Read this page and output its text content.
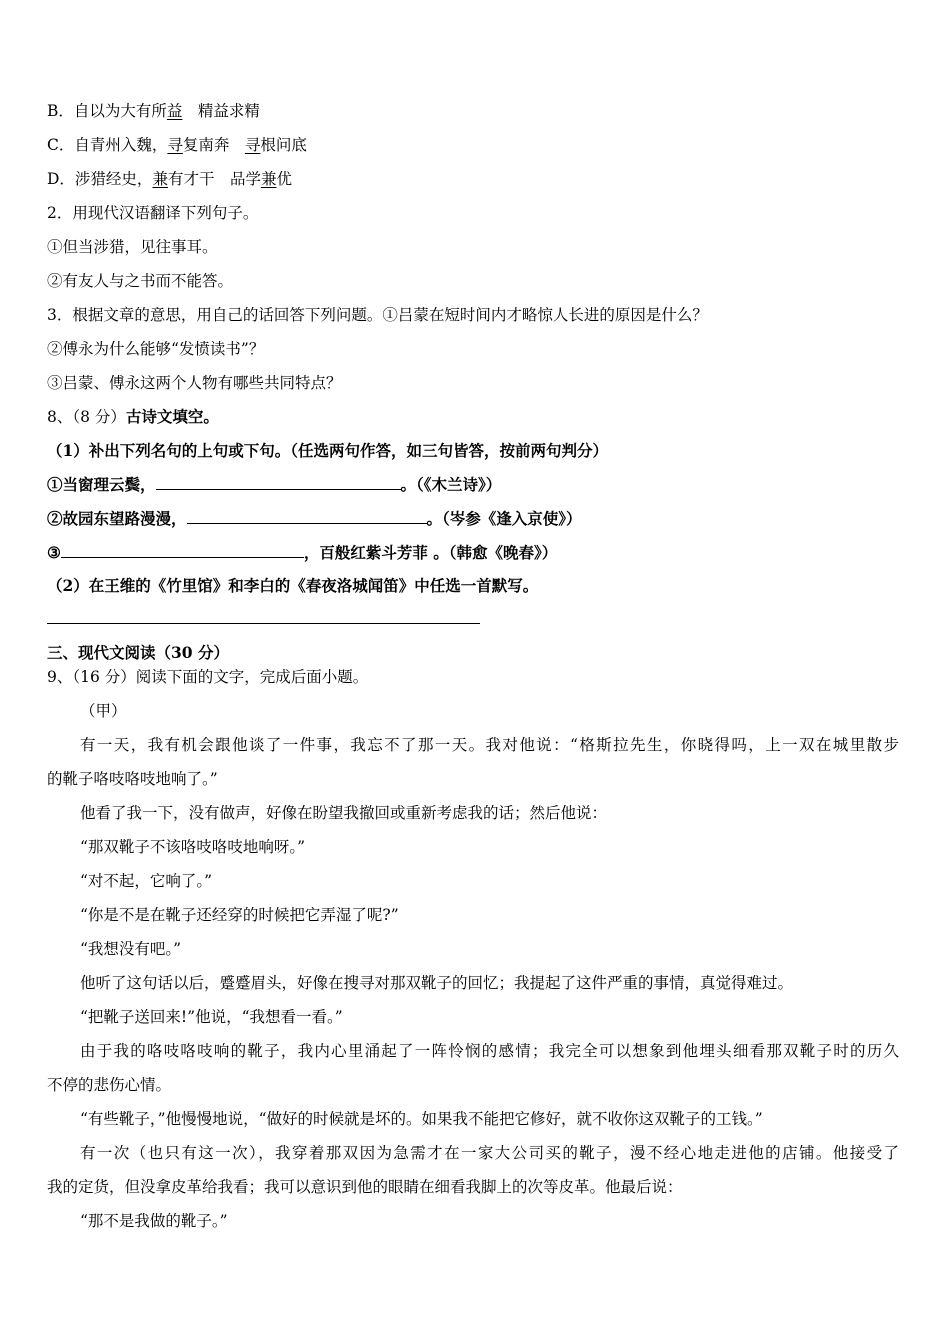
B．自以为大有所益　精益求精
C．自青州入魏，寻复南奔　寻根问底
D．涉猎经史，兼有才干　品学兼优
2．用现代汉语翻译下列句子。
①但当涉猎，见往事耳。
②有友人与之书而不能答。
3．根据文章的意思，用自己的话回答下列问题。①吕蒙在短时间内才略惊人长进的原因是什么？
②傅永为什么能够“发愤读书”？
③吕蒙、傅永这两个人物有哪些共同特点？
8、（8 分）古诗文填空。
（1）补出下列名句的上句或下句。（任选两句作答，如三句皆答，按前两句判分）
①当窗理云鬓，	。（《木兰诗》）
②故园东望路漫漫，	。（岑参《逢入京使》）
③	，百般红紫斗芳菲 。（韩愈《晚春》）
（2）在王维的《竹里馆》和李白的《春夜洛城闻笛》中任选一首默写。
三、现代文阅读（30 分）
9、（16 分）阅读下面的文字，完成后面小题。
（甲）
有一天，我有机会跟他谈了一件事，我忘不了那一天。我对他说：“格斯拉先生，你晓得吗，上一双在城里散步
的靴子咯吱咯吱地响了。”
他看了我一下，没有做声，好像在盼望我撤回或重新考虑我的话；然后他说：
“那双靴子不该咯吱咯吱地响呀。”
“对不起，它响了。”
“你是不是在靴子还经穿的时候把它弄湿了呢?”
“我想没有吧。”
他听了这句话以后，蹙蹙眉头，好像在搜寻对那双靴子的回忆；我提起了这件严重的事情，真觉得难过。
“把靴子送回来!”他说，“我想看一看。”
由于我的咯吱咯吱响的靴子，我内心里涌起了一阵怜悯的感情；我完全可以想象到他埋头细看那双靴子时的历久
不停的悲伤心情。
“有些靴子，”他慢慢地说，“做好的时候就是坏的。如果我不能把它修好，就不收你这双靴子的工钱。”
有一次（也只有这一次），我穿着那双因为急需才在一家大公司买的靴子，漫不经心地走进他的店铺。他接受了
我的定货，但没拿皮革给我看；我可以意识到他的眼睛在细看我脚上的次等皮革。他最后说：
“那不是我做的靴子。”
